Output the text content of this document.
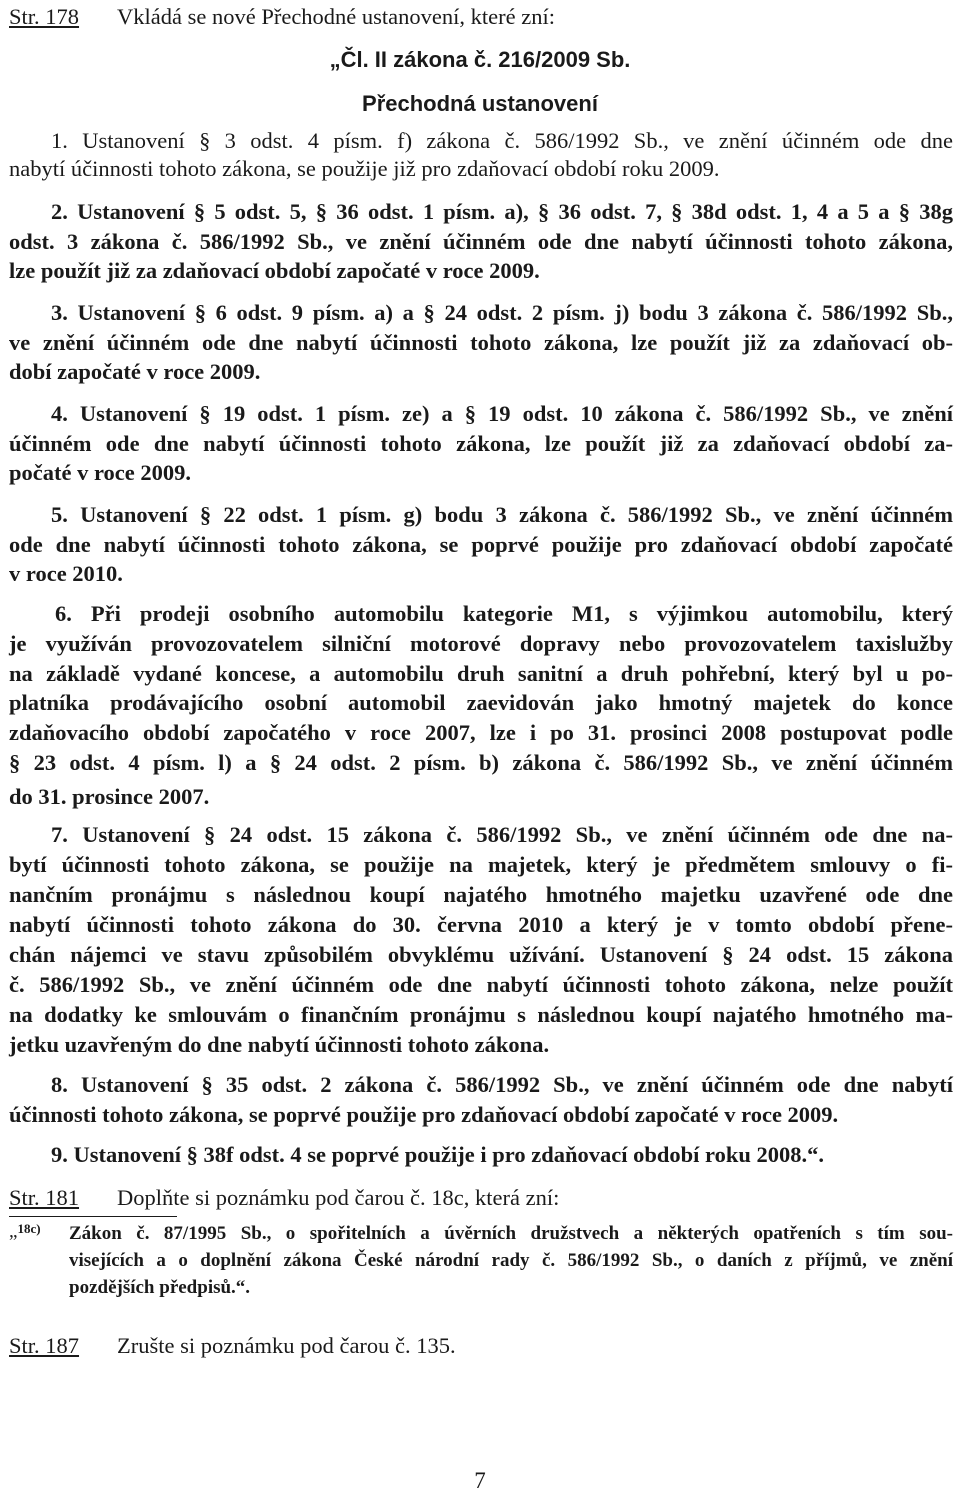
Str. 178 Vkládá se nové Přechodné ustanovení, které zní:
„Čl. II zákona č. 216/2009 Sb.
Přechodná ustanovení
1. Ustanovení § 3 odst. 4 písm. f) zákona č. 586/1992 Sb., ve znění účinném ode dne
nabytí účinnosti tohoto zákona, se použije již pro zdaňovací období roku 2009.
2. Ustanovení § 5 odst. 5, § 36 odst. 1 písm. a), § 36 odst. 7, § 38d odst. 1, 4 a 5 a § 38g
odst. 3 zákona č. 586/1992 Sb., ve znění účinném ode dne nabytí účinnosti tohoto zákona,
lze použít již za zdaňovací období započaté v roce 2009.
3. Ustanovení § 6 odst. 9 písm. a) a § 24 odst. 2 písm. j) bodu 3 zákona č. 586/1992 Sb.,
ve znění účinném ode dne nabytí účinnosti tohoto zákona, lze použít již za zdaňovací ob-
dobí započaté v roce 2009.
4. Ustanovení § 19 odst. 1 písm. ze) a § 19 odst. 10 zákona č. 586/1992 Sb., ve znění
účinném ode dne nabytí účinnosti tohoto zákona, lze použít již za zdaňovací období za-
počaté v roce 2009.
5. Ustanovení § 22 odst. 1 písm. g) bodu 3 zákona č. 586/1992 Sb., ve znění účinném
ode dne nabytí účinnosti tohoto zákona, se poprvé použije pro zdaňovací období započaté
v roce 2010.
6. Při prodeji osobního automobilu kategorie M1, s výjimkou automobilu, který
je využíván provozovatelem silniční motorové dopravy nebo provozovatelem taxislužby
na základě vydané koncese, a automobilu druh sanitní a druh pohřební, který byl u po-
platníka prodávajícího osobní automobil zaevidován jako hmotný majetek do konce
zdaňovacího období započatého v roce 2007, lze i po 31. prosinci 2008 postupovat podle
§ 23 odst. 4 písm. l) a § 24 odst. 2 písm. b) zákona č. 586/1992 Sb., ve znění účinném
do 31. prosince 2007.
7. Ustanovení § 24 odst. 15 zákona č. 586/1992 Sb., ve znění účinném ode dne na-
bytí účinnosti tohoto zákona, se použije na majetek, který je předmětem smlouvy o fi-
nančním pronájmu s následnou koupí najatého hmotného majetku uzavřené ode dne
nabytí účinnosti tohoto zákona do 30. června 2010 a který je v tomto období přene-
chán nájemci ve stavu způsobilém obvyklému užívání. Ustanovení § 24 odst. 15 zákona
č. 586/1992 Sb., ve znění účinném ode dne nabytí účinnosti tohoto zákona, nelze použít
na dodatky ke smlouvám o finančním pronájmu s následnou koupí najatého hmotného ma-
jetku uzavřeným do dne nabytí účinnosti tohoto zákona.
8. Ustanovení § 35 odst. 2 zákona č. 586/1992 Sb., ve znění účinném ode dne nabytí
účinnosti tohoto zákona, se poprvé použije pro zdaňovací období započaté v roce 2009.
9. Ustanovení § 38f odst. 4 se poprvé použije i pro zdaňovací období roku 2008.“.
Str. 181 Doplňte si poznámku pod čarou č. 18c, která zní:
„$^{18c)}$ Zákon č. 87/1995 Sb., o spořitelních a úvěrních družstvech a některých opatřeních s tím sou-
visejících a o doplnění zákona České národní rady č. 586/1992 Sb., o daních z příjmů, ve znění
pozdějších předpisů.“.
Str. 187 Zrušte si poznámku pod čarou č. 135.
7
